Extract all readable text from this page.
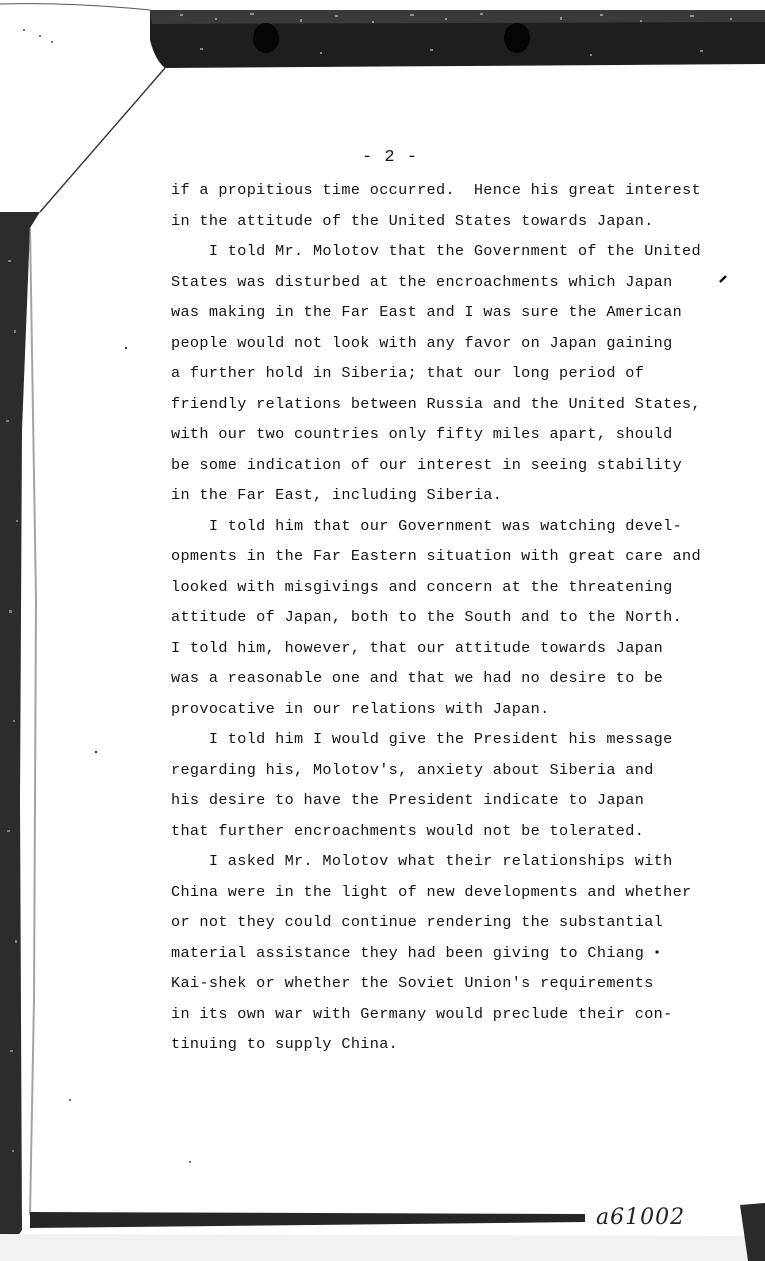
- 2 -
if a propitious time occurred.  Hence his great interest
in the attitude of the United States towards Japan.
I told Mr. Molotov that the Government of the United
States was disturbed at the encroachments which Japan
was making in the Far East and I was sure the American
people would not look with any favor on Japan gaining
a further hold in Siberia; that our long period of
friendly relations between Russia and the United States,
with our two countries only fifty miles apart, should
be some indication of our interest in seeing stability
in the Far East, including Siberia.
I told him that our Government was watching devel-
opments in the Far Eastern situation with great care and
looked with misgivings and concern at the threatening
attitude of Japan, both to the South and to the North.
I told him, however, that our attitude towards Japan
was a reasonable one and that we had no desire to be
provocative in our relations with Japan.
I told him I would give the President his message
regarding his, Molotov's, anxiety about Siberia and
his desire to have the President indicate to Japan
that further encroachments would not be tolerated.
I asked Mr. Molotov what their relationships with
China were in the light of new developments and whether
or not they could continue rendering the substantial
material assistance they had been giving to Chiang
Kai-shek or whether the Soviet Union's requirements
in its own war with Germany would preclude their con-
tinuing to supply China.
a61002
